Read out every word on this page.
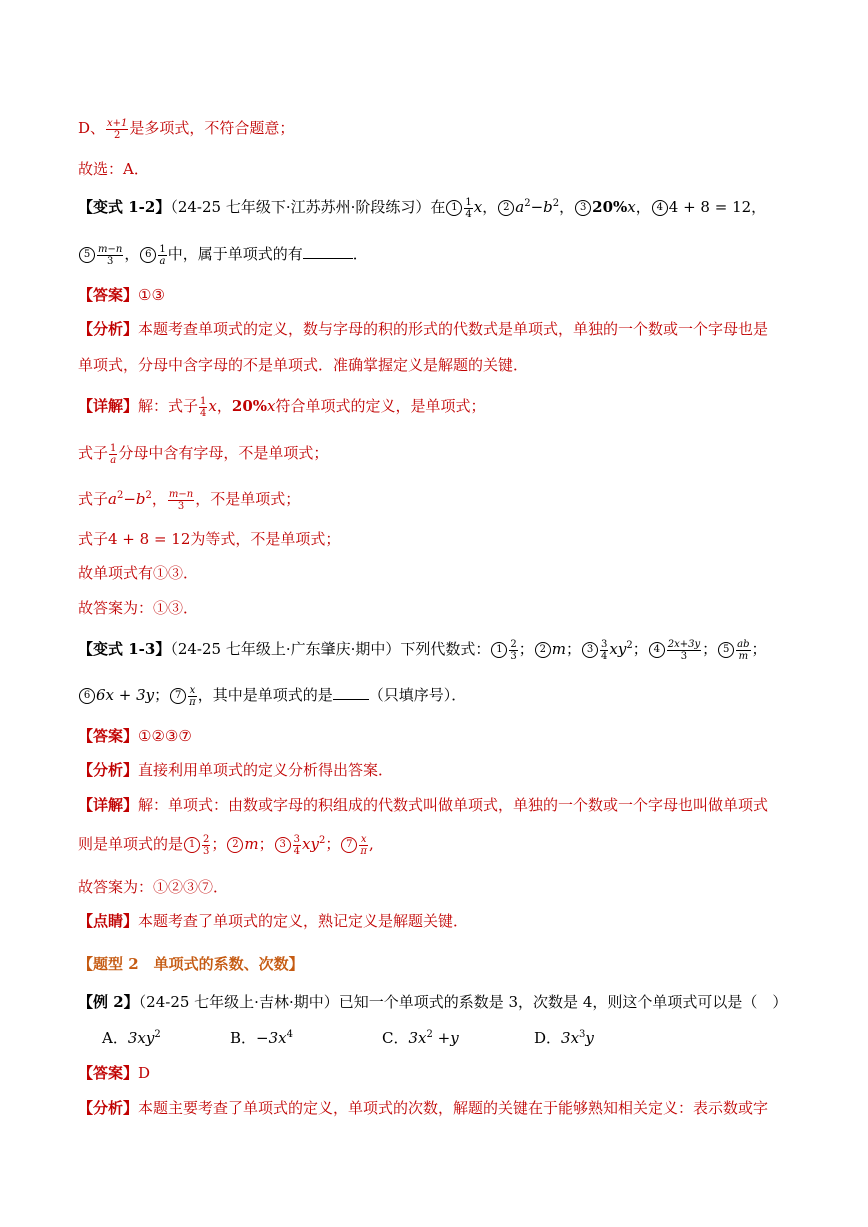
D、 $\frac{x+1}{2}$ 是多项式，不符合题意；
故选：A．
【变式 1-2】（24-25 七年级下·江苏苏州·阶段练习）在 $1 \frac{1}{4}$ x， 2 $a^2-b^2$， 3 20%x， 4 4 + 8 = 12，
$5 \frac{m-n}{3}$ ， $6 \frac{1}{a}$ 中，属于单项式的有	．
【答案】①③
【分析】本题考查单项式的定义，数与字母的积的形式的代数式是单项式，单独的一个数或一个字母也是
单项式，分母中含字母的不是单项式．准确掌握定义是解题的关键．
【详解】解：式子 $\frac{1}{4}$ x，20%x符合单项式的定义，是单项式；
式子 $\frac{1}{a}$ 分母中含有字母，不是单项式；
式子$a^2-b^2$， $\frac{m-n}{3}$ ，不是单项式；
式子4 + 8 = 12为等式，不是单项式；
故单项式有①③．
故答案为：①③．
【变式 1-3】（24-25 七年级上·广东肇庆·期中）下列代数式： $1 \frac{2}{3}$ ； 2 m； $3 \frac{3}{4} xy^2$； $4 \frac{2x+3y}{3}$ ； $5 \frac{ab}{m}$ ；
6 6x + 3y； $7 \frac{x}{\pi}$ ，其中是单项式的是 （只填序号）．
【答案】①②③⑦
【分析】直接利用单项式的定义分析得出答案．
【详解】解：单项式：由数或字母的积组成的代数式叫做单项式，单独的一个数或一个字母也叫做单项式
则是单项式的是 $1 \frac{2}{3}$ ； 2 m； $3 \frac{3}{4} xy^2$； $7 \frac{x}{\pi}$ ,
故答案为：①②③⑦．
【点睛】本题考查了单项式的定义，熟记定义是解题关键．
【题型 2　单项式的系数、次数】
【例 2】（24-25 七年级上·吉林·期中）已知一个单项式的系数是 3，次数是 4，则这个单项式可以是（　）
A．$3xy^2$	B．$-3x^4$	C．$3x^2 +y$	D．$3x^3y$
【答案】D
【分析】本题主要考查了单项式的定义，单项式的次数，解题的关键在于能够熟知相关定义：表示数或字
